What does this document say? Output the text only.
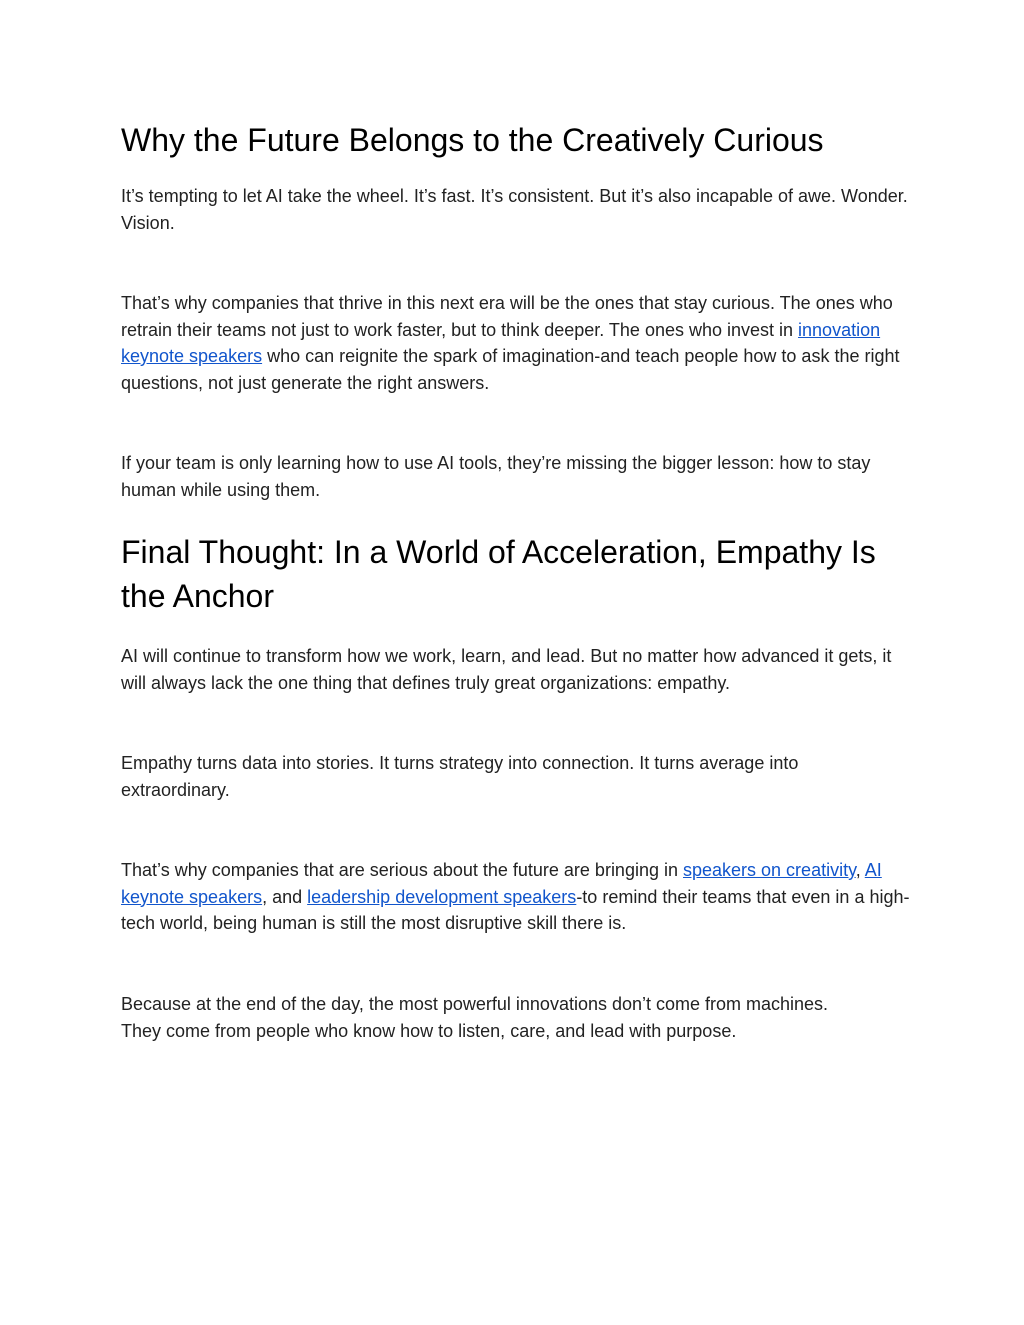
Why the Future Belongs to the Creatively Curious

It’s tempting to let AI take the wheel. It’s fast. It’s consistent. But it’s also incapable of awe. Wonder. Vision.

That’s why companies that thrive in this next era will be the ones that stay curious. The ones who retrain their teams not just to work faster, but to think deeper. The ones who invest in innovation keynote speakers who can reignite the spark of imagination-and teach people how to ask the right questions, not just generate the right answers.

If your team is only learning how to use AI tools, they’re missing the bigger lesson: how to stay human while using them.

Final Thought: In a World of Acceleration, Empathy Is the Anchor

AI will continue to transform how we work, learn, and lead. But no matter how advanced it gets, it will always lack the one thing that defines truly great organizations: empathy.

Empathy turns data into stories. It turns strategy into connection. It turns average into extraordinary.

That’s why companies that are serious about the future are bringing in speakers on creativity, AI keynote speakers, and leadership development speakers-to remind their teams that even in a high-tech world, being human is still the most disruptive skill there is.

Because at the end of the day, the most powerful innovations don’t come from machines.

They come from people who know how to listen, care, and lead with purpose.
